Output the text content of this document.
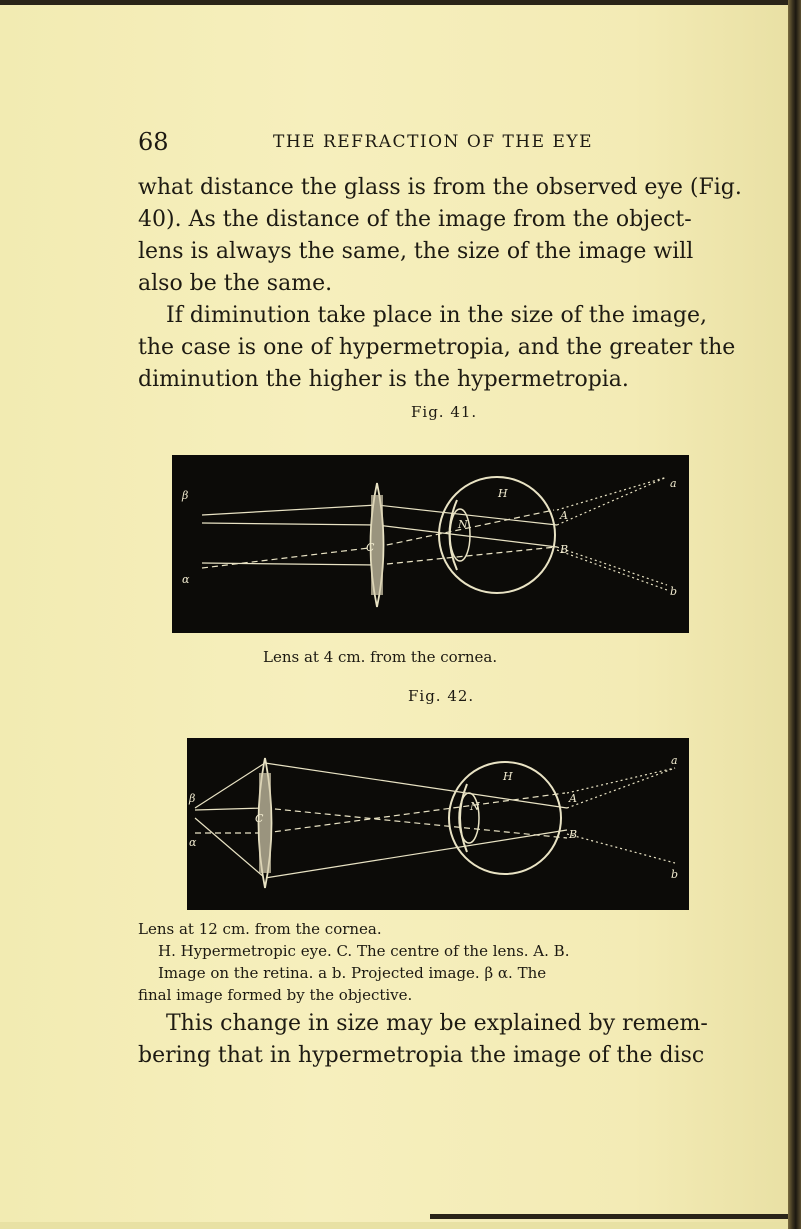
68	THE REFRACTION OF THE EYE

what distance the glass is from the observed eye (Fig.

40). As the distance of the image from the object-

lens is always the same, the size of the image will

also be the same.

If diminution take place in the size of the image,

the case is one of hypermetropia, and the greater the

diminution the higher is the hypermetropia.

Fig. 41.
β
α
H
C
N
A
B
a
b
Lens at 4 cm. from the cornea.
Fig. 42.
β
α
H
C
N
A
B
a
b

Lens at 12 cm. from the cornea.

H. Hypermetropic eye. C. The centre of the lens. A. B.

Image on the retina. a b. Projected image. β α. The

final image formed by the objective.

This change in size may be explained by remem-

bering that in hypermetropia the image of the disc
